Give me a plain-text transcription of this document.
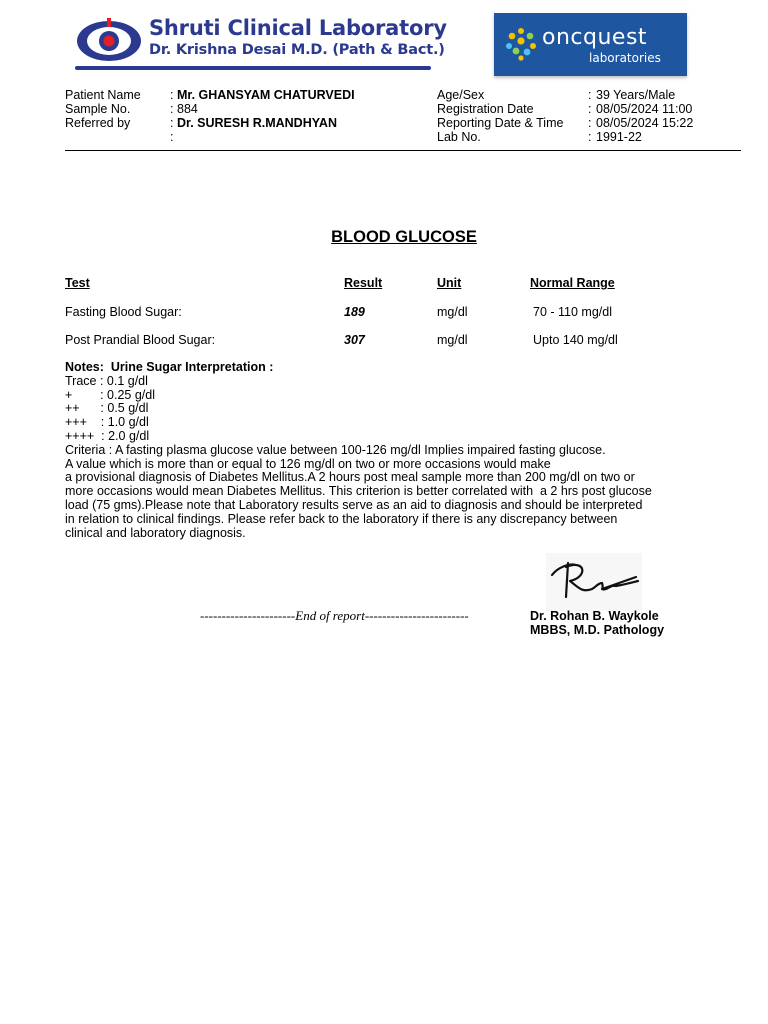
Shruti Clinical Laboratory
Dr. Krishna Desai M.D. (Path & Bact.)	oncquest
laboratories
Patient Name : Mr. GHANSYAM CHATURVEDI
Sample No.	: 884
Referred by	: Dr. SURESH R.MANDHYAN
:
Age/Sex	: 39 Years/Male
Registration Date	: 08/05/2024 11:00
Reporting Date & Time : 08/05/2024 15:22
Lab No.	: 1991-22
BLOOD GLUCOSE
Test	Result	Unit	Normal Range
Fasting Blood Sugar:	189	mg/dl	70 - 110 mg/dl
Post Prandial Blood Sugar:	307	mg/dl	Upto 140 mg/dl
Notes:  Urine Sugar Interpretation :
Trace : 0.1 g/dl
+        : 0.25 g/dl
++      : 0.5 g/dl
+++    : 1.0 g/dl
++++  : 2.0 g/dl
Criteria : A fasting plasma glucose value between 100-126 mg/dl Implies impaired fasting glucose.
A value which is more than or equal to 126 mg/dl on two or more occasions would make
a provisional diagnosis of Diabetes Mellitus.A 2 hours post meal sample more than 200 mg/dl on two or
more occasions would mean Diabetes Mellitus. This criterion is better correlated with  a 2 hrs post glucose
load (75 gms).Please note that Laboratory results serve as an aid to diagnosis and should be interpreted
in relation to clinical findings. Please refer back to the laboratory if there is any discrepancy between
clinical and laboratory diagnosis.
----------------------End of report------------------------	Dr. Rohan B. Waykole
MBBS, M.D. Pathology
